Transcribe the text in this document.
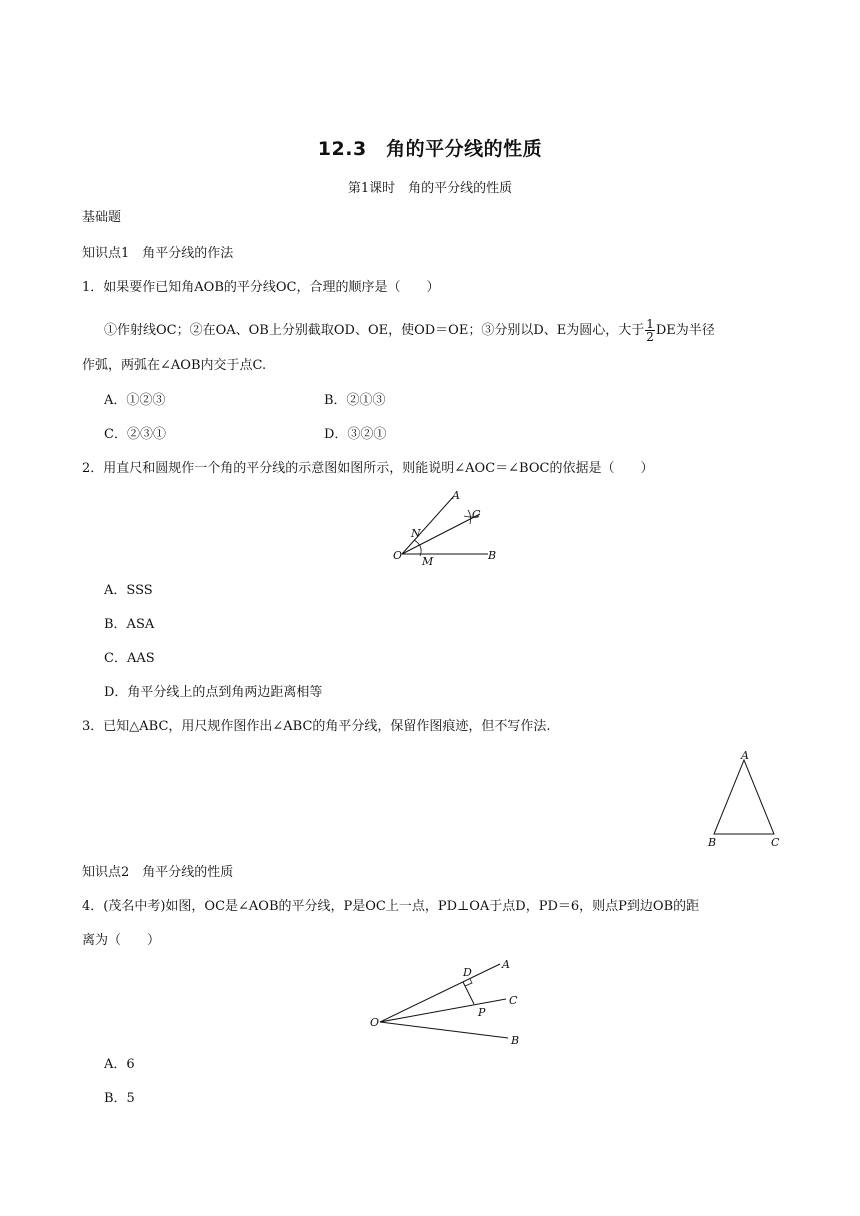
12.3　角的平分线的性质
第1课时　角的平分线的性质
基础题
知识点1　角平分线的作法
1．如果要作已知角AOB的平分线OC，合理的顺序是（　　）
①作射线OC；②在OA、OB上分别截取OD、OE，使OD＝OE；③分别以D、E为圆心，大于 $\frac{1}{2}$ DE为半径
作弧，两弧在∠AOB内交于点C.
A．①②③	B．②①③
C．②③①	D．③②①
2．用直尺和圆规作一个角的平分线的示意图如图所示，则能说明∠AOC＝∠BOC的依据是（　　）
A
N
C
O M	B
A．SSS
B．ASA
C．AAS
D．角平分线上的点到角两边距离相等
3．已知△ABC，用尺规作图作出∠ABC的角平分线，保留作图痕迹，但不写作法.
A
B	C
知识点2　角平分线的性质
4．(茂名中考)如图，OC是∠AOB的平分线，P是OC上一点，PD⊥OA于点D，PD＝6，则点P到边OB的距
离为（　　）
D
A
C
P
O
B
A．6
B．5
